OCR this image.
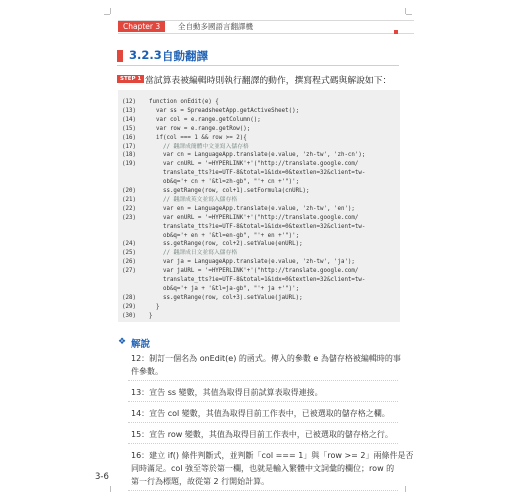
Chapter 3	全自動多國語言翻譯機
3.2.3 自動翻譯
STEP 1 當試算表被編輯時則執行翻譯的動作，撰寫程式碼與解說如下：
(12)	function onEdit(e) {
(13)	var ss = SpreadsheetApp.getActiveSheet();
(14)	var col = e.range.getColumn();
(15)	var row = e.range.getRow();
(16)	if(col === 1 && row >= 2){
(17)	// 翻譯成簡體中文並寫入儲存格
(18)	var cn = LanguageApp.translate(e.value, 'zh-tw', 'zh-cn');
(19)	var cnURL = '=HYPERLINK'+'("http://translate.google.com/
translate_tts?ie=UTF-8&total=1&idx=0&textlen=32&client=tw-
ob&q='+ cn + '&tl=zh-gb", "'+ cn +'")';
(20)	ss.getRange(row, col+1).setFormula(cnURL);
(21)	// 翻譯成英文並寫入儲存格
(22)	var en = LanguageApp.translate(e.value, 'zh-tw', 'en');
(23)	var enURL = '=HYPERLINK'+'("http://translate.google.com/
translate_tts?ie=UTF-8&total=1&idx=0&textlen=32&client=tw-
ob&q='+ en + '&tl=en-gb", "'+ en +'")';
(24)	ss.getRange(row, col+2).setValue(enURL);
(25)	// 翻譯成日文並寫入儲存格
(26)	var ja = LanguageApp.translate(e.value, 'zh-tw', 'ja');
(27)	var jaURL = '=HYPERLINK'+'("http://translate.google.com/
translate_tts?ie=UTF-8&total=1&idx=0&textlen=32&client=tw-
ob&q='+ ja + '&tl=ja-gb", "'+ ja +'")';
(28)	ss.getRange(row, col+3).setValue(jaURL);
(29)	}
(30)	}
❖ 解說
12：制訂一個名為 onEdit(e) 的函式。傳入的參數 e 為儲存格被編輯時的事
件參數。
13：宣告 ss 變數，其值為取得目前試算表取得連接。
14：宣告 col 變數，其值為取得目前工作表中，已被選取的儲存格之欄。
15：宣告 row 變數，其值為取得目前工作表中，已被選取的儲存格之行。
16：建立 if() 條件判斷式，並判斷「col === 1」與「row >= 2」兩條件是否
同時滿足。col 強至等於第一欄，也就是輸入繁體中文詞彙的欄位；row 的
第一行為標題，故從第 2 行開始計算。
3-6
